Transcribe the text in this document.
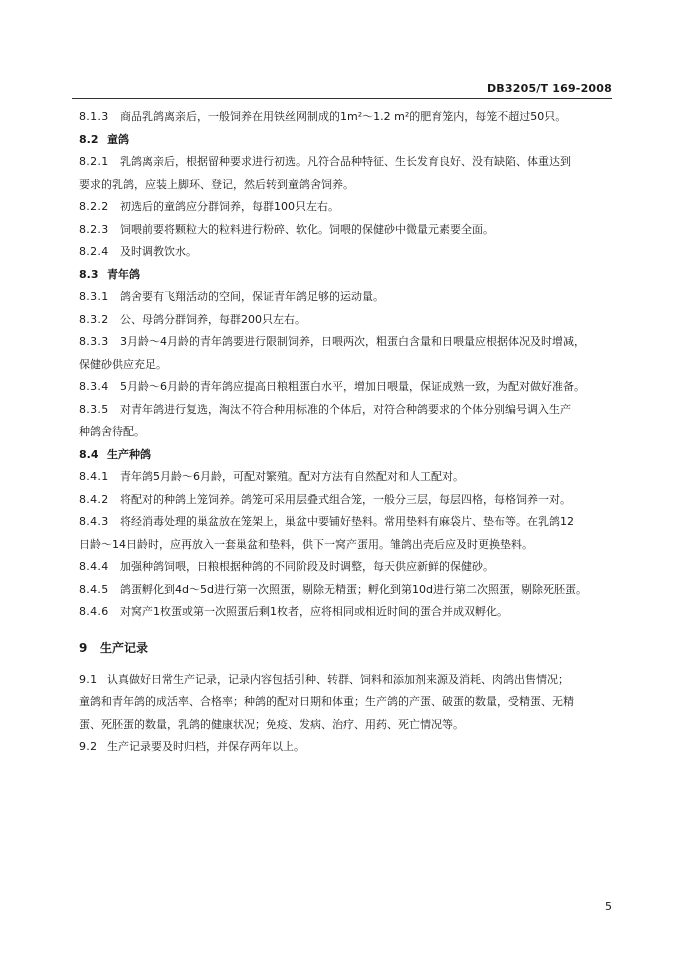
DB3205/T 169-2008
8.1.3 商品乳鸽离亲后，一般饲养在用铁丝网制成的1m²～1.2 m²的肥育笼内，每笼不超过50只。
8.2 童鸽
8.2.1 乳鸽离亲后，根据留种要求进行初选。凡符合品种特征、生长发育良好、没有缺陷、体重达到
要求的乳鸽，应装上脚环、登记，然后转到童鸽舍饲养。
8.2.2 初选后的童鸽应分群饲养，每群100只左右。
8.2.3 饲喂前要将颗粒大的粒料进行粉碎、软化。饲喂的保健砂中微量元素要全面。
8.2.4 及时调教饮水。
8.3 青年鸽
8.3.1 鸽舍要有飞翔活动的空间，保证青年鸽足够的运动量。
8.3.2 公、母鸽分群饲养，每群200只左右。
8.3.3 3月龄～4月龄的青年鸽要进行限制饲养，日喂两次，粗蛋白含量和日喂量应根据体况及时增减，
保健砂供应充足。
8.3.4 5月龄～6月龄的青年鸽应提高日粮粗蛋白水平，增加日喂量，保证成熟一致，为配对做好准备。
8.3.5 对青年鸽进行复选，淘汰不符合种用标准的个体后，对符合种鸽要求的个体分别编号调入生产
种鸽舍待配。
8.4 生产种鸽
8.4.1 青年鸽5月龄～6月龄，可配对繁殖。配对方法有自然配对和人工配对。
8.4.2 将配对的种鸽上笼饲养。鸽笼可采用层叠式组合笼，一般分三层，每层四格，每格饲养一对。
8.4.3 将经消毒处理的巢盆放在笼架上，巢盆中要铺好垫料。常用垫料有麻袋片、垫布等。在乳鸽12
日龄～14日龄时，应再放入一套巢盆和垫料，供下一窝产蛋用。雏鸽出壳后应及时更换垫料。
8.4.4 加强种鸽饲喂，日粮根据种鸽的不同阶段及时调整，每天供应新鲜的保健砂。
8.4.5 鸽蛋孵化到4d～5d进行第一次照蛋，剔除无精蛋；孵化到第10d进行第二次照蛋，剔除死胚蛋。
8.4.6 对窝产1枚蛋或第一次照蛋后剩1枚者，应将相同或相近时间的蛋合并成双孵化。
9 生产记录
9.1 认真做好日常生产记录，记录内容包括引种、转群、饲料和添加剂来源及消耗、肉鸽出售情况；
童鸽和青年鸽的成活率、合格率；种鸽的配对日期和体重；生产鸽的产蛋、破蛋的数量，受精蛋、无精
蛋、死胚蛋的数量，乳鸽的健康状况；免疫、发病、治疗、用药、死亡情况等。
9.2 生产记录要及时归档，并保存两年以上。
5
